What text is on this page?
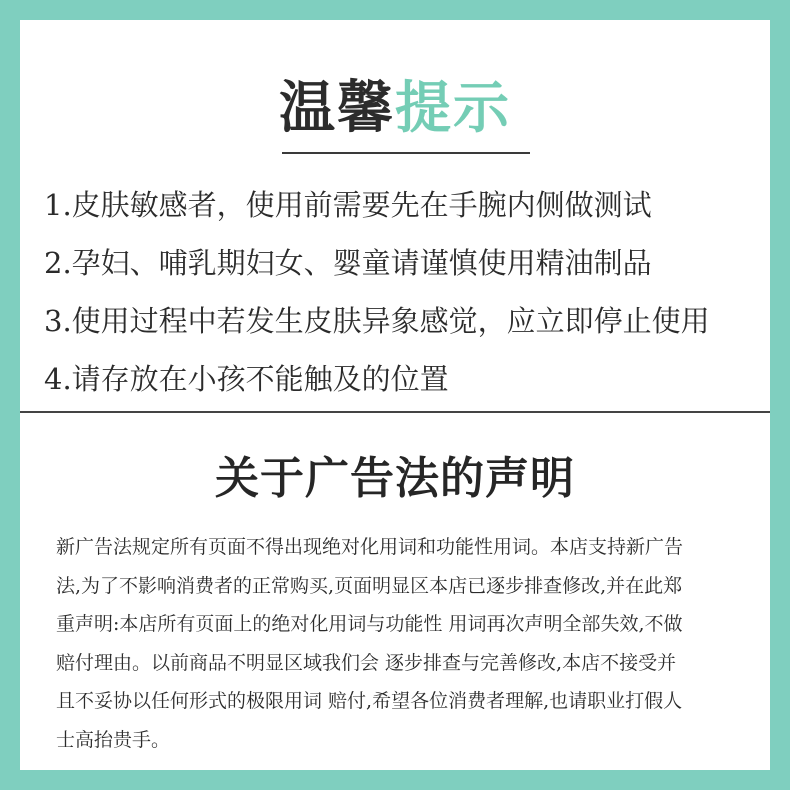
温馨提示
1.皮肤敏感者，使用前需要先在手腕内侧做测试
2.孕妇、哺乳期妇女、婴童请谨慎使用精油制品
3.使用过程中若发生皮肤异象感觉，应立即停止使用
4.请存放在小孩不能触及的位置
关于广告法的声明
新广告法规定所有页面不得出现绝对化用词和功能性用词。本店支持新广告
法,为了不影响消费者的正常购买,页面明显区本店已逐步排查修改,并在此郑
重声明:本店所有页面上的绝对化用词与功能性 用词再次声明全部失效,不做
赔付理由。以前商品不明显区域我们会 逐步排查与完善修改,本店不接受并
且不妥协以任何形式的极限用词 赔付,希望各位消费者理解,也请职业打假人
士高抬贵手。
